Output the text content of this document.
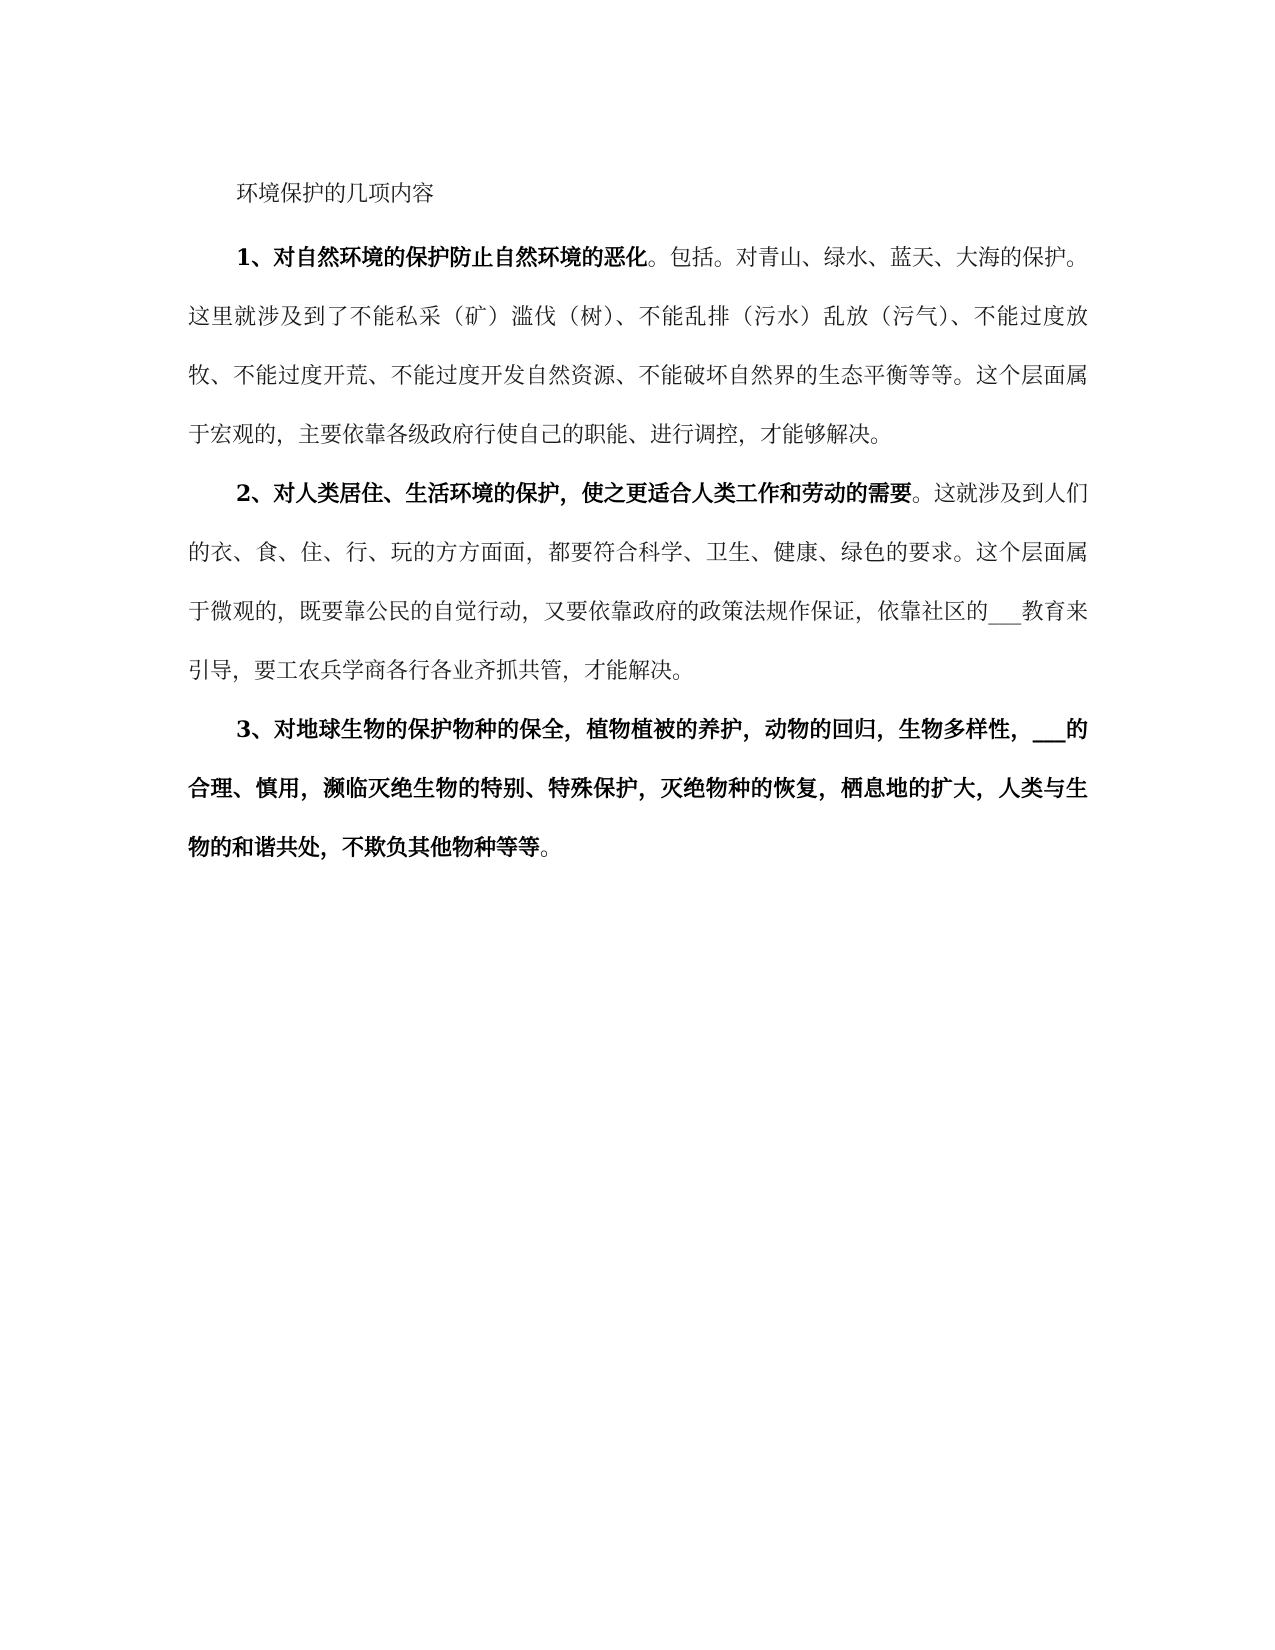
环境保护的几项内容

1、对自然环境的保护防止自然环境的恶化。包括。对青山、绿水、蓝天、大海的保护。这里就涉及到了不能私采（矿）滥伐（树）、不能乱排（污水）乱放（污气）、不能过度放牧、不能过度开荒、不能过度开发自然资源、不能破坏自然界的生态平衡等等。这个层面属于宏观的，主要依靠各级政府行使自己的职能、进行调控，才能够解决。

2、对人类居住、生活环境的保护，使之更适合人类工作和劳动的需要。这就涉及到人们的衣、食、住、行、玩的方方面面，都要符合科学、卫生、健康、绿色的要求。这个层面属于微观的，既要靠公民的自觉行动，又要依靠政府的政策法规作保证，依靠社区的___教育来引导，要工农兵学商各行各业齐抓共管，才能解决。

3、对地球生物的保护物种的保全，植物植被的养护，动物的回归，生物多样性，___的合理、慎用，濒临灭绝生物的特别、特殊保护，灭绝物种的恢复，栖息地的扩大，人类与生物的和谐共处，不欺负其他物种等等。
